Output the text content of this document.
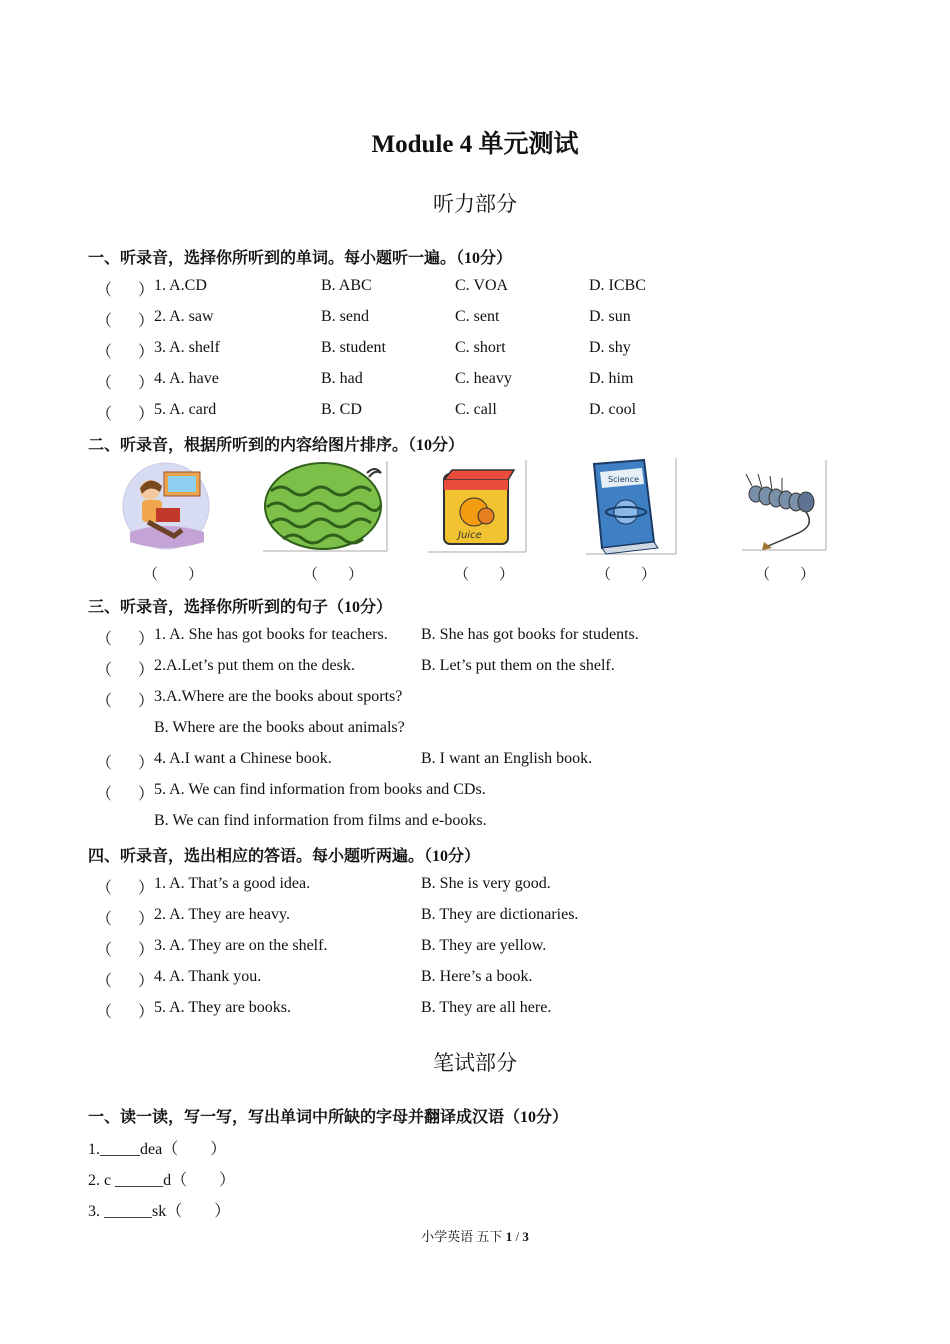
Module 4 单元测试
听力部分
一、听录音，选择你所听到的单词。每小题听一遍。（10分）
（ ） 1. A.CD	B. ABC	C. VOA	D. ICBC
（ ） 2. A. saw	B. send	C. sent	D. sun
（ ） 3. A. shelf	B. student	C. short	D. shy
（ ） 4. A. have	B. had	C. heavy	D. him
（ ） 5. A. card	B. CD	C. call	D. cool
二、听录音，根据所听到的内容给图片排序。（10分）
Juice
Science
（　　）	（　　）	（　　）	（　　）	（　　）
三、听录音，选择你所听到的句子（10分）
（ ） 1. A. She has got books for teachers. B. She has got books for students.
（ ） 2.A.Let’s put them on the desk.	B. Let’s put them on the shelf.
（ ） 3.A.Where are the books about sports?
B. Where are the books about animals?
（ ） 4. A.I want a Chinese book.	B. I want an English book.
（ ） 5. A. We can find information from books and CDs.
B. We can find information from films and e-books.
四、听录音，选出相应的答语。每小题听两遍。（10分）
（ ） 1. A. That’s a good idea.	B. She is very good.
（ ） 2. A. They are heavy.	B. They are dictionaries.
（ ） 3. A. They are on the shelf.	B. They are yellow.
（ ） 4. A. Thank you.	B. Here’s a book.
（ ） 5. A. They are books.	B. They are all here.
笔试部分
一、读一读，写一写，写出单词中所缺的字母并翻译成汉语（10分）
1._____dea（　　）
2. c ______d（　　）
3. ______sk（　　）
小学英语 五下 1 / 3
